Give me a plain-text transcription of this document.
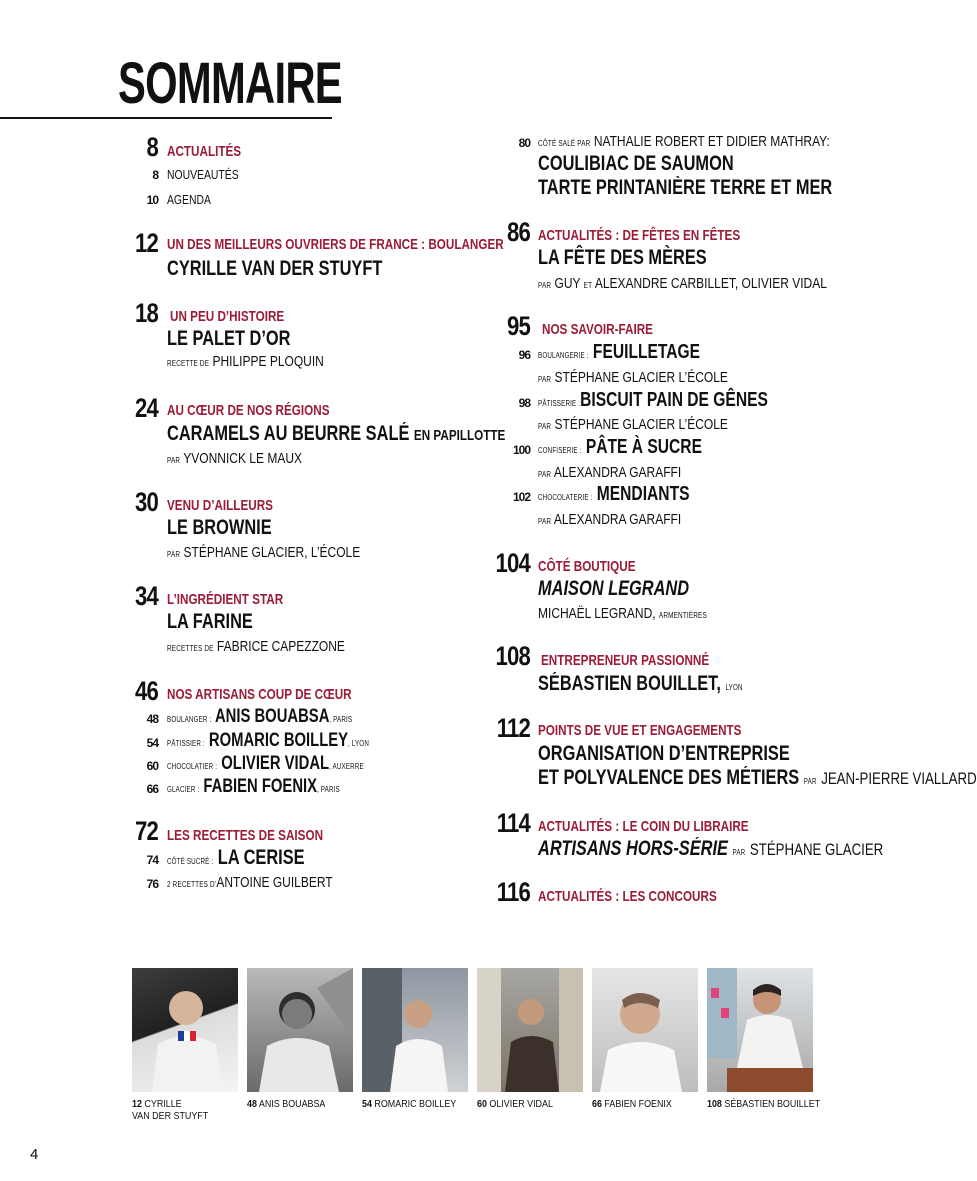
SOMMAIRE
8 ACTUALITÉS
8 NOUVEAUTÉS
10 AGENDA
12 UN DES MEILLEURS OUVRIERS DE FRANCE : BOULANGER
CYRILLE VAN DER STUYFT
18 UN PEU D’HISTOIRE
LE PALET D’OR
RECETTE DE PHILIPPE PLOQUIN
24 AU CŒUR DE NOS RÉGIONS
CARAMELS AU BEURRE SALÉ EN PAPILLOTTE
PAR YVONNICK LE MAUX
30 VENU D’AILLEURS
LE BROWNIE
PAR STÉPHANE GLACIER, L’ÉCOLE
34 L’INGRÉDIENT STAR
LA FARINE
RECETTES DE FABRICE CAPEZZONE
46 NOS ARTISANS COUP DE CŒUR
48 BOULANGER : ANIS BOUABSA, PARIS
54 PÂTISSIER : ROMARIC BOILLEY, LYON
60 CHOCOLATIER : OLIVIER VIDAL, AUXERRE
66 GLACIER : FABIEN FOENIX, PARIS
72 LES RECETTES DE SAISON
74 CÔTÉ SUCRÉ : LA CERISE
76 2 RECETTES D’ANTOINE GUILBERT
80 CÔTÉ SALÉ PAR NATHALIE ROBERT ET DIDIER MATHRAY:
COULIBIAC DE SAUMON
TARTE PRINTANIÈRE TERRE ET MER
86 ACTUALITÉS : DE FÊTES EN FÊTES
LA FÊTE DES MÈRES
PAR GUY ET ALEXANDRE CARBILLET, OLIVIER VIDAL
95 NOS SAVOIR-FAIRE
96 BOULANGERIE : FEUILLETAGE
PAR STÉPHANE GLACIER L’ÉCOLE
98 PÂTISSERIE :BISCUIT PAIN DE GÊNES
PAR STÉPHANE GLACIER L’ÉCOLE
100 CONFISERIE : PÂTE À SUCRE
PAR ALEXANDRA GARAFFI
102 CHOCOLATERIE : MENDIANTS
PAR ALEXANDRA GARAFFI
104 CÔTÉ BOUTIQUE
MAISON LEGRAND
MICHAËL LEGRAND, ARMENTIÈRES
108 ENTREPRENEUR PASSIONNÉ
SÉBASTIEN BOUILLET, LYON
112 POINTS DE VUE ET ENGAGEMENTS
ORGANISATION D’ENTREPRISE
ET POLYVALENCE DES MÉTIERS PAR JEAN-PIERRE VIALLARD
114 ACTUALITÉS : LE COIN DU LIBRAIRE
ARTISANS HORS-SÉRIE PAR STÉPHANE GLACIER
116 ACTUALITÉS : LES CONCOURS
12 CYRILLE
VAN DER STUYFT
48 ANIS BOUABSA	54 ROMARIC BOILLEY 60 OLIVIER VIDAL	66 FABIEN FOENIX	108 SÉBASTIEN BOUILLET
4
